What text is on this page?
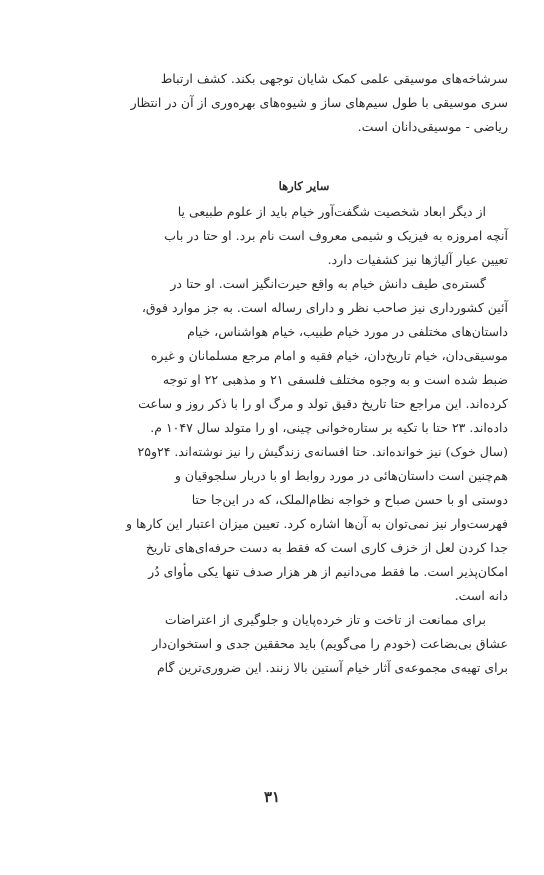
سرشاخه‌های موسیقی علمی کمک شایان توجهی بکند. کشف ارتباط

سری موسیقی با طول سیم‌های ساز و شیوه‌های بهره‌وری از آن در انتظار

ریاضی - موسیقی‌دانان است.

سایر کارها

از دیگر ابعاد شخصیت شگفت‌آور خیام باید از علوم طبیعی یا

آنچه امروزه به فیزیک و شیمی معروف است نام برد. او حتا در باب

تعیین عیار آلیاژها نیز کشفیات دارد.

گستره‌ی طیف دانش خیام به واقع حیرت‌انگیز است. او حتا در

آئین کشورداری نیز صاحب نظر و دارای رساله است. به جز موارد فوق،

داستان‌های مختلفی در مورد خیام طبیب، خیام هواشناس، خیام

موسیقی‌دان، خیام تاریخ‌دان، خیام فقیه و امام مرجع مسلمانان و غیره

ضبط شده است و به وجوه مختلف فلسفی ۲۱ و مذهبی ۲۲ او توجه

کرده‌اند. این مراجع حتا تاریخ دقیق تولد و مرگ او را با ذکر روز و ساعت

داده‌اند. ۲۳ حتا با تکیه بر ستاره‌خوانی چینی، او را متولد سال ۱۰۴۷ م.

(سال خوک) نیز خوانده‌اند. حتا افسانه‌ی زندگیش را نیز نوشته‌اند. ۲۴و۲۵

هم‌چنین است داستان‌هائی در مورد روابط او با دربار سلجوقیان و

دوستی او با حسن صباح و خواجه نظام‌الملک، که در این‌جا حتا

فهرست‌وار نیز نمی‌توان به آن‌ها اشاره کرد. تعیین میزان اعتبار این کارها و

جدا کردن لعل از خزف کاری است که فقط به دست حرفه‌ای‌های تاریخ

امکان‌پذیر است. ما فقط می‌دانیم از هر هزار صدف تنها یکی مأوای دُر

دانه است.

برای ممانعت از تاخت و تاز خرده‌پایان و جلوگیری از اعتراضات

عشاق بی‌بضاعت (خودم را می‌گویم) باید محققین جدی و استخوان‌دار

برای تهیه‌ی مجموعه‌ی آثار خیام آستین بالا زنند. این ضروری‌ترین گام

۳۱
